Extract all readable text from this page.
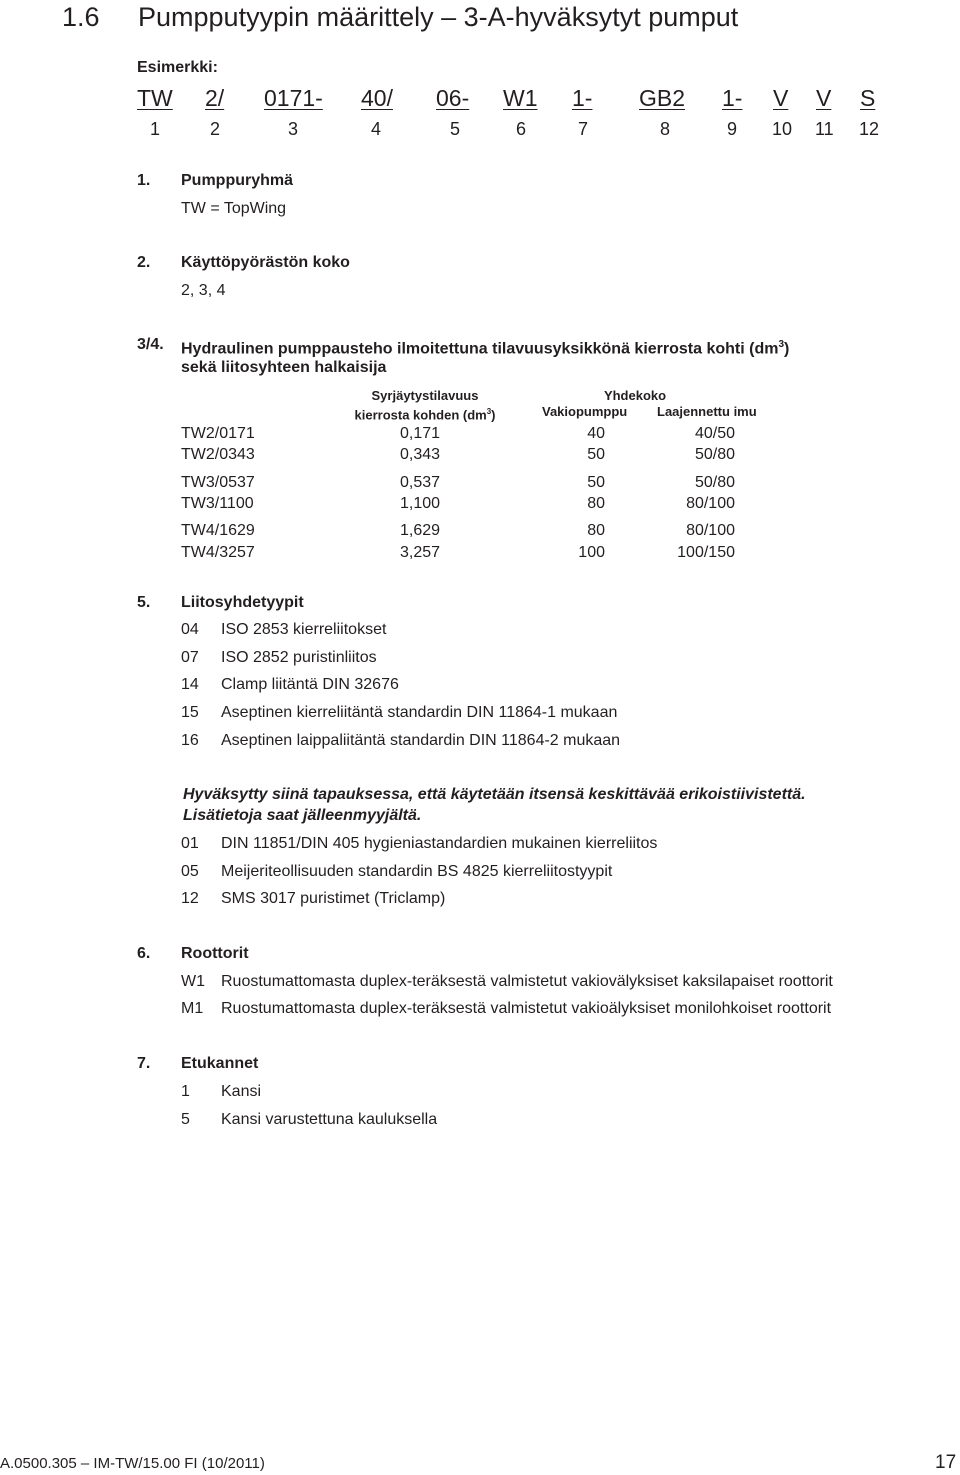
1.6 Pumpputyypin määrittely – 3-A-hyväksytyt pumput
Esimerkki:
TW 2/ 0171- 40/ 06- W1 1- GB2 1- V V S
1	2	3	4	5	6	7	8	9 10 11 12
1. Pumppuryhmä
TW = TopWing
2. Käyttöpyörästön koko
2, 3, 4
3/4. Hydraulinen pumppausteho ilmoitettuna tilavuusyksikkönä kierrosta kohti $(dm^3)$
sekä liitosyhteen halkaisija
Syrjäytystilavuus
kierrosta kohden $(dm^3)$
Yhdekoko
Vakiopumppu Laajennettu imu
TW2/0171	0,171	40	40/50
TW2/0343	0,343	50	50/80
TW3/0537	0,537	50	50/80
TW3/1100	1,100	80	80/100
TW4/1629	1,629	80	80/100
TW4/3257	3,257	100	100/150
5. Liitosyhdetyypit
04 ISO 2853 kierreliitokset
07 ISO 2852 puristinliitos
14 Clamp liitäntä DIN 32676
15 Aseptinen kierreliitäntä standardin DIN 11864-1 mukaan
16 Aseptinen laippaliitäntä standardin DIN 11864-2 mukaan
Hyväksytty siinä tapauksessa, että käytetään itsensä keskittävää erikoistiivistettä.
Lisätietoja saat jälleenmyyjältä.
01 DIN 11851/DIN 405 hygieniastandardien mukainen kierreliitos
05 Meijeriteollisuuden standardin BS 4825 kierreliitostyypit
12 SMS 3017 puristimet (Triclamp)
6. Roottorit
W1 Ruostumattomasta duplex-teräksestä valmistetut vakiovälyksiset kaksilapaiset roottorit
M1 Ruostumattomasta duplex-teräksestä valmistetut vakioälyksiset monilohkoiset roottorit
7. Etukannet
1 Kansi
5 Kansi varustettuna kauluksella
A.0500.305 – IM-TW/15.00 FI (10/2011)	17
